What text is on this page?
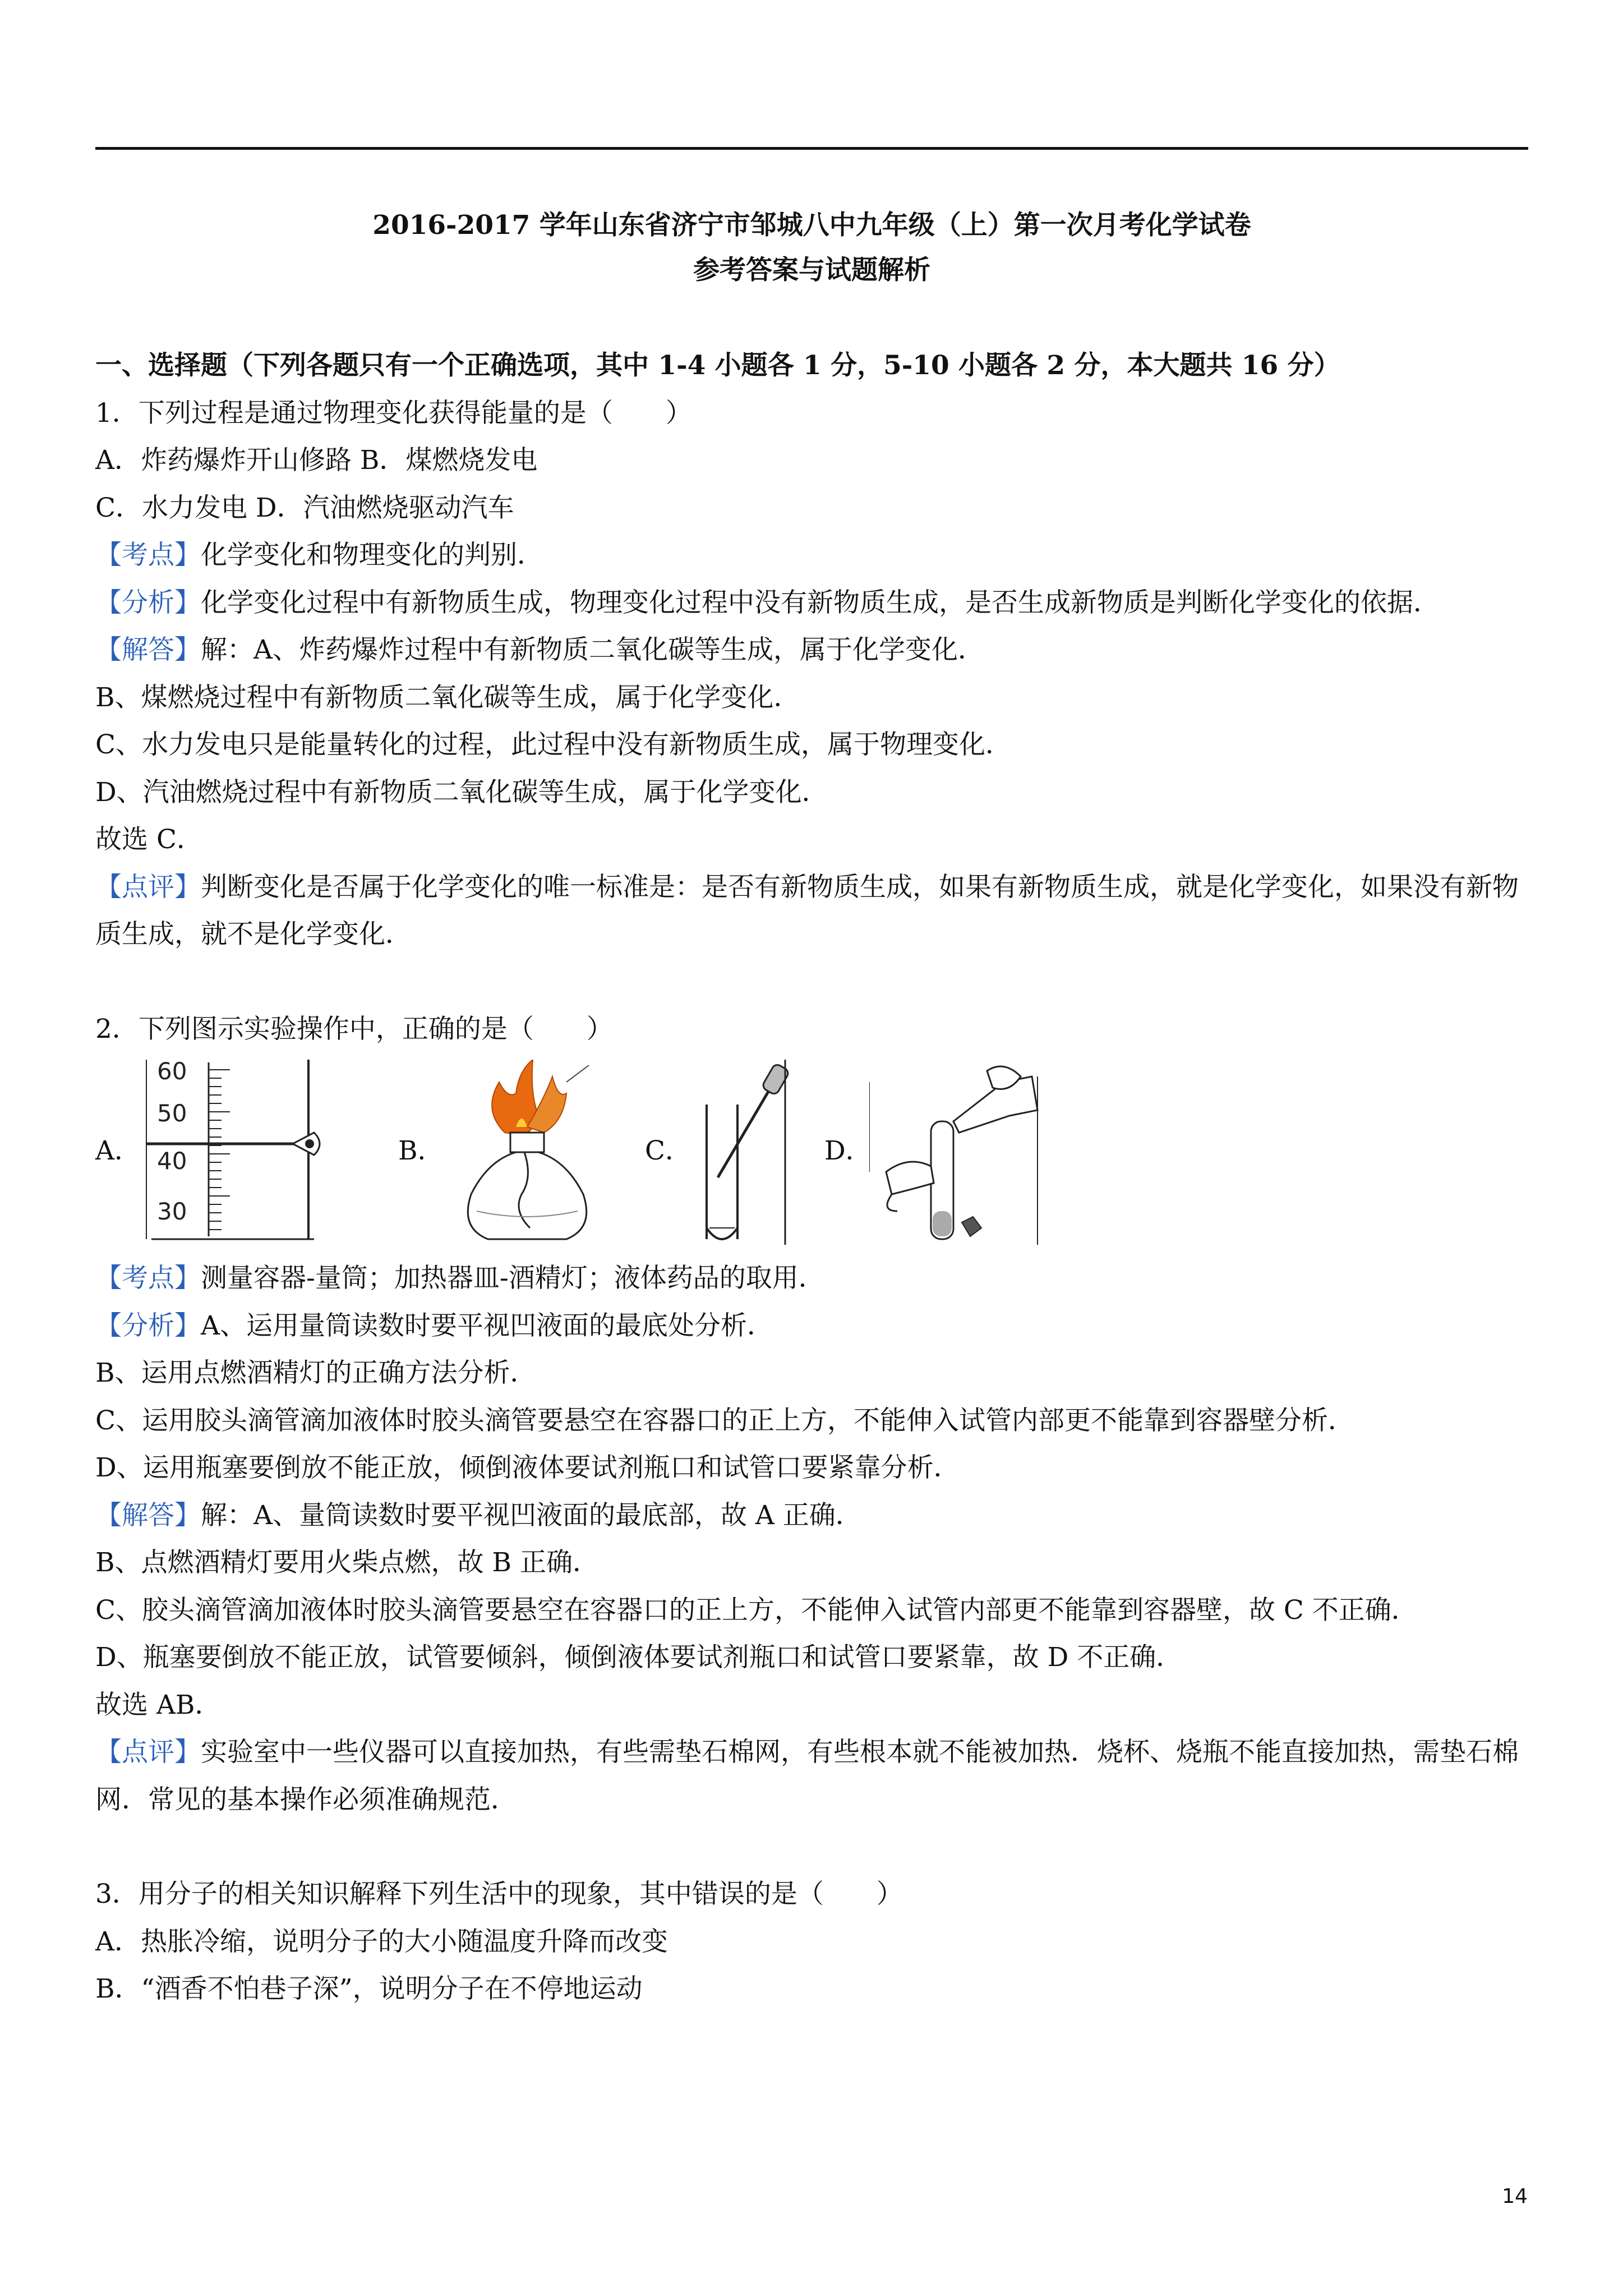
2016-2017 学年山东省济宁市邹城八中九年级（上）第一次月考化学试卷
参考答案与试题解析
一、选择题（下列各题只有一个正确选项，其中 1-4 小题各 1 分，5-10 小题各 2 分，本大题共 16 分）
1．下列过程是通过物理变化获得能量的是（　　）
A．炸药爆炸开山修路 B．煤燃烧发电
C．水力发电 D．汽油燃烧驱动汽车
【考点】化学变化和物理变化的判别．
【分析】化学变化过程中有新物质生成，物理变化过程中没有新物质生成，是否生成新物质是判断化学变化的依据．
【解答】解：A、炸药爆炸过程中有新物质二氧化碳等生成，属于化学变化．
B、煤燃烧过程中有新物质二氧化碳等生成，属于化学变化．
C、水力发电只是能量转化的过程，此过程中没有新物质生成，属于物理变化．
D、汽油燃烧过程中有新物质二氧化碳等生成，属于化学变化．
故选 C．
【点评】判断变化是否属于化学变化的唯一标准是：是否有新物质生成，如果有新物质生成，就是化学变化，如果没有新物质生成，就不是化学变化．
2．下列图示实验操作中，正确的是（　　）
A．
60
50
40
30
B．	C．	D．
【考点】测量容器-量筒；加热器皿-酒精灯；液体药品的取用．
【分析】A、运用量筒读数时要平视凹液面的最底处分析．
B、运用点燃酒精灯的正确方法分析．
C、运用胶头滴管滴加液体时胶头滴管要悬空在容器口的正上方，不能伸入试管内部更不能靠到容器壁分析．
D、运用瓶塞要倒放不能正放，倾倒液体要试剂瓶口和试管口要紧靠分析．
【解答】解：A、量筒读数时要平视凹液面的最底部，故 A 正确．
B、点燃酒精灯要用火柴点燃，故 B 正确．
C、胶头滴管滴加液体时胶头滴管要悬空在容器口的正上方，不能伸入试管内部更不能靠到容器壁，故 C 不正确．
D、瓶塞要倒放不能正放，试管要倾斜，倾倒液体要试剂瓶口和试管口要紧靠，故 D 不正确．
故选 AB．
【点评】实验室中一些仪器可以直接加热，有些需垫石棉网，有些根本就不能被加热．烧杯、烧瓶不能直接加热，需垫石棉网．常见的基本操作必须准确规范．
3．用分子的相关知识解释下列生活中的现象，其中错误的是（　　）
A．热胀冷缩，说明分子的大小随温度升降而改变
B．“酒香不怕巷子深”，说明分子在不停地运动
14
